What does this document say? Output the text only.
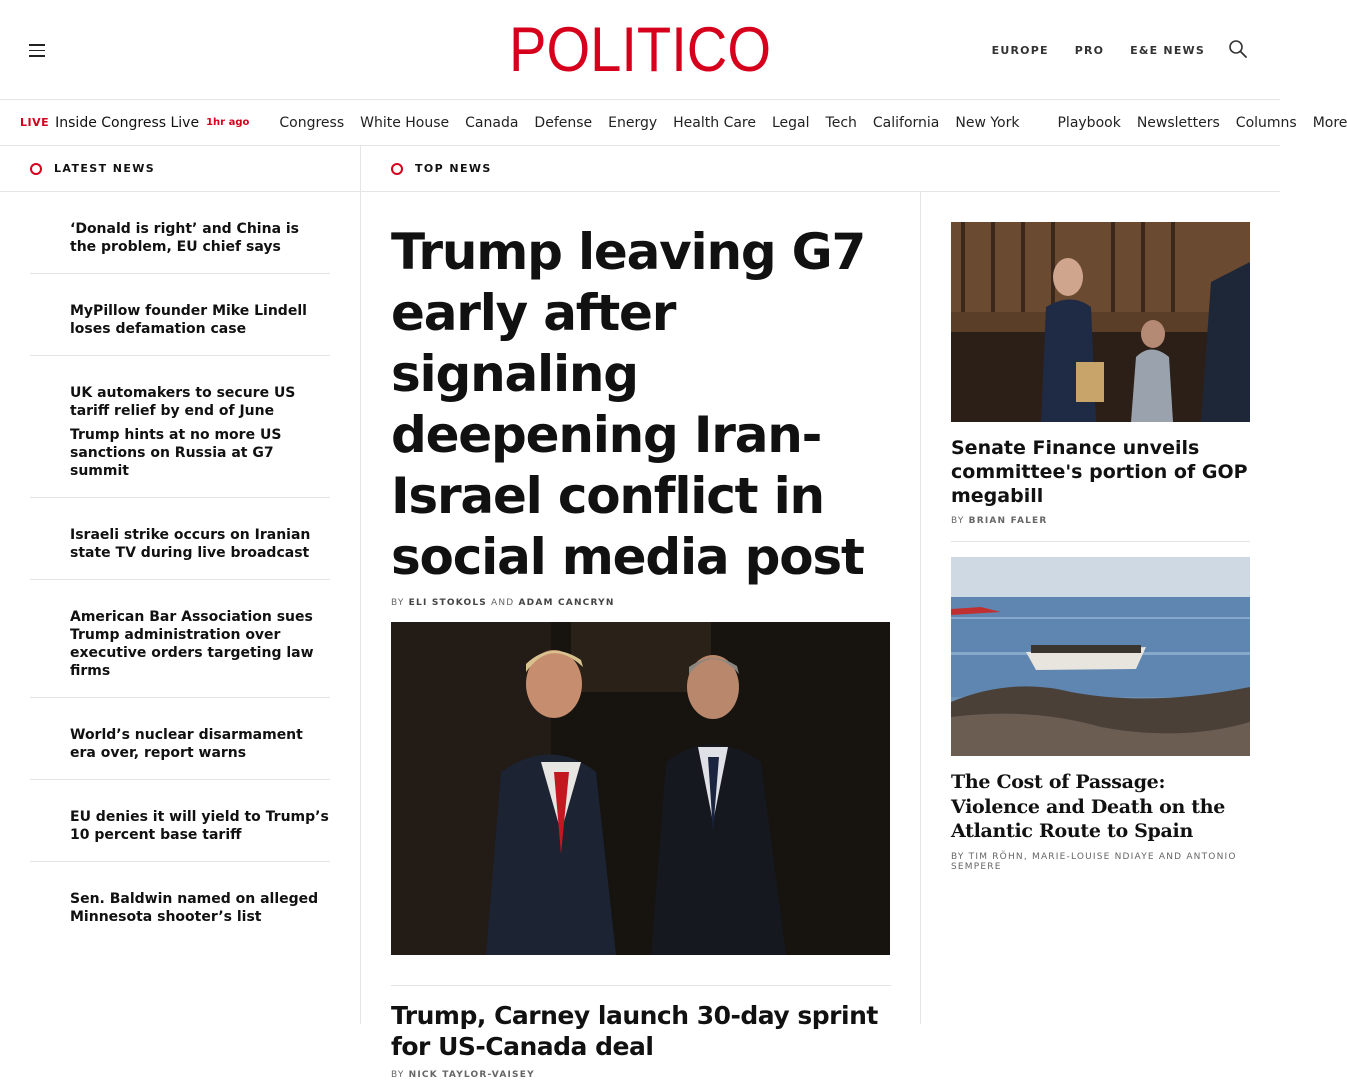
POLITICO	EUROPE PRO E&E NEWS
LIVE Inside Congress Live 1hr ago Congress White House Canada Defense Energy Health Care Legal Tech California New York	Playbook Newsletters Columns More
LATEST NEWS	TOP NEWS
‘Donald is right’ and China is the problem, EU chief says
MyPillow founder Mike Lindell loses defamation case
UK automakers to secure US tariff relief by end of June
Trump hints at no more US sanctions on Russia at G7 summit
Israeli strike occurs on Iranian state TV during live broadcast
American Bar Association sues Trump administration over executive orders targeting law firms
World’s nuclear disarmament era over, report warns
EU denies it will yield to Trump’s 10 percent base tariff
Sen. Baldwin named on alleged Minnesota shooter’s list
Trump leaving G7 early after signaling deepening Iran-Israel conflict in social media post
BY ELI STOKOLS AND ADAM CANCRYN
Trump, Carney launch 30-day sprint for US-Canada deal
BY NICK TAYLOR-VAISEY
Senate Finance unveils committee's portion of GOP megabill
BY BRIAN FALER
The Cost of Passage: Violence and Death on the Atlantic Route to Spain
BY TIM RÖHN, MARIE-LOUISE NDIAYE AND ANTONIO SEMPERE
